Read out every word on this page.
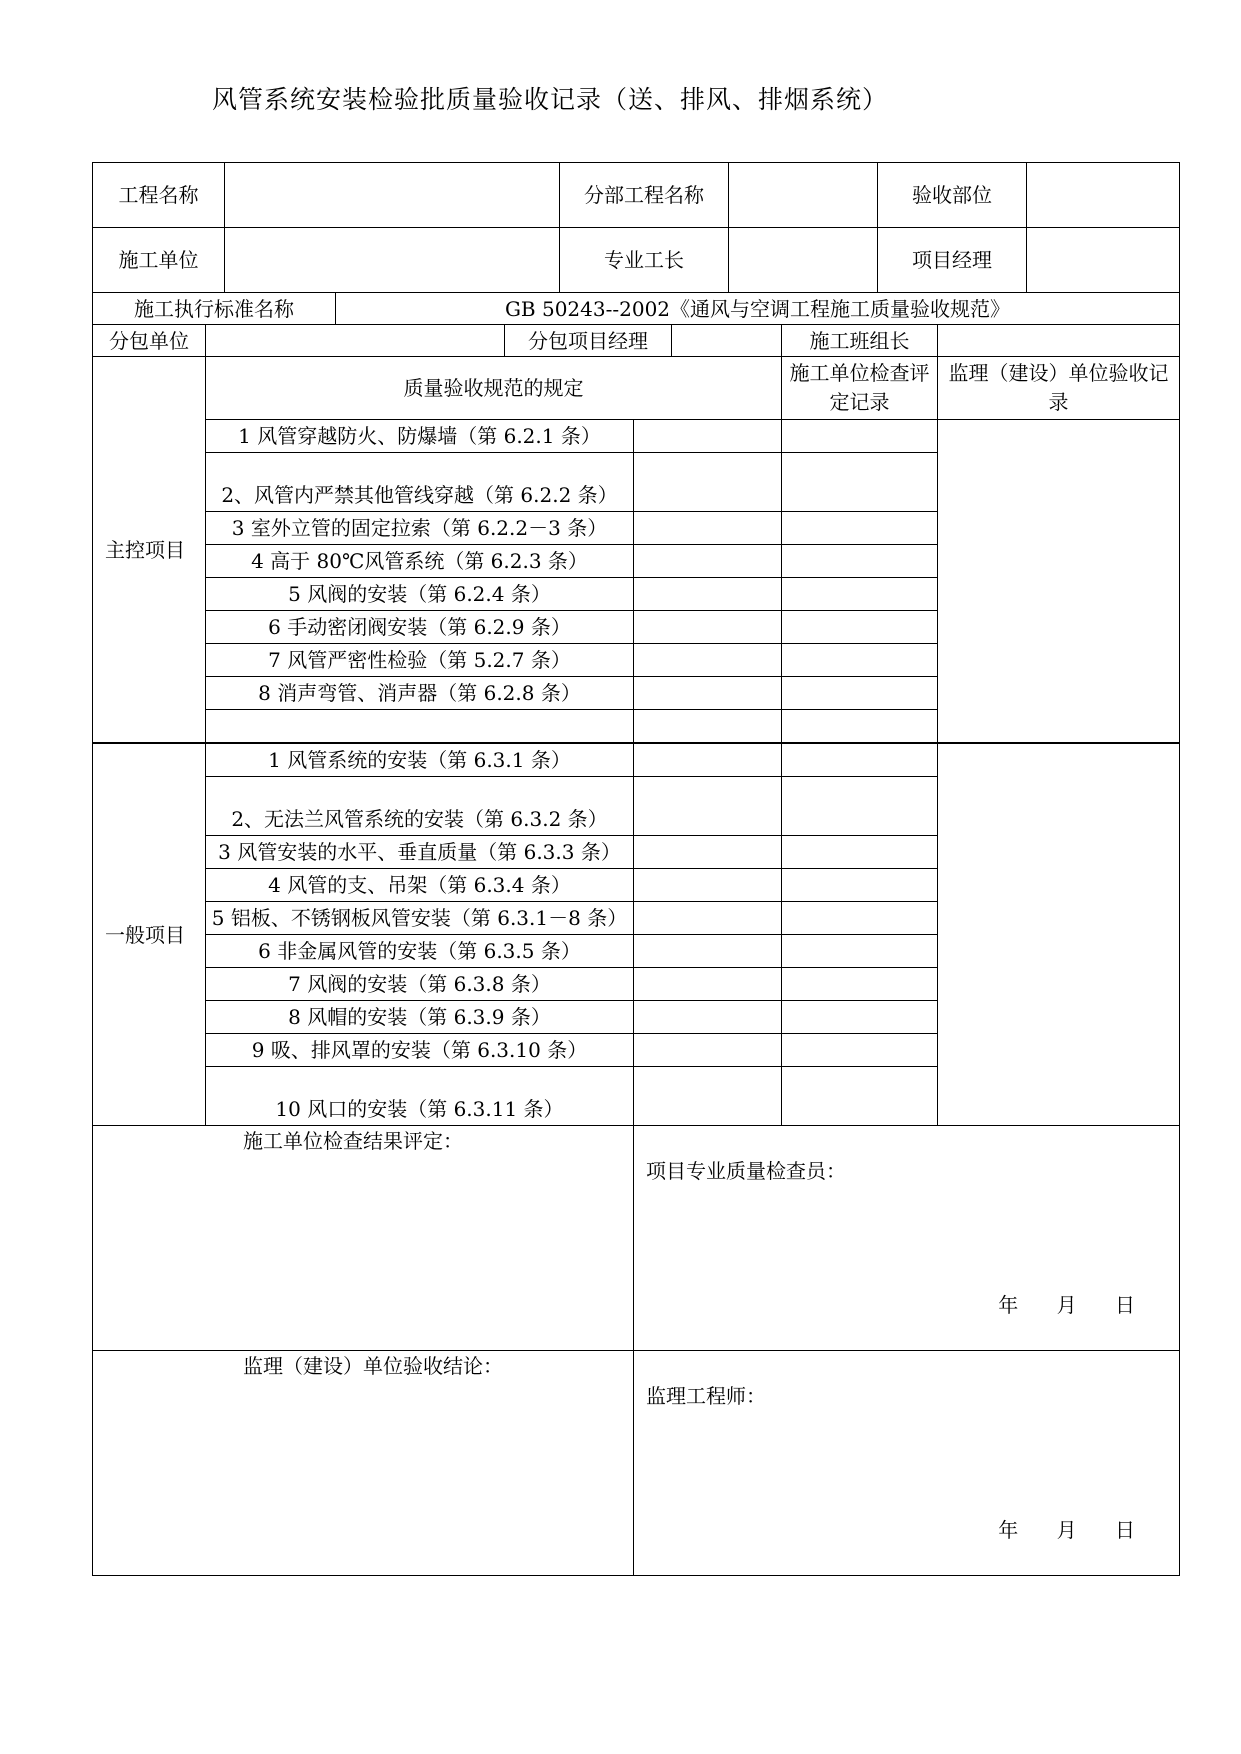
风管系统安装检验批质量验收记录（送、排风、排烟系统）
工程名称		分部工程名称		验收部位	
施工单位		专业工长		项目经理	
施工执行标准名称	GB 50243--2002《通风与空调工程施工质量验收规范》
分包单位		分包项目经理		施工班组长	
主控项目	质量验收规范的规定		施工单位检查评定记录	监理（建设）单位验收记录
	1 风管穿越防火、防爆墙（第 6.2.1 条）			
	2、风管内严禁其他管线穿越（第 6.2.2 条）			
	3 室外立管的固定拉索（第 6.2.2－3 条）			
	4 高于 80℃风管系统（第 6.2.3 条）			
	5 风阀的安装（第 6.2.4 条）			
	6 手动密闭阀安装（第 6.2.9 条）			
	7 风管严密性检验（第 5.2.7 条）			
	8 消声弯管、消声器（第 6.2.8 条）			

一般项目	1 风管系统的安装（第 6.3.1 条）			
	2、无法兰风管系统的安装（第 6.3.2 条）			
	3 风管安装的水平、垂直质量（第 6.3.3 条）			
	4 风管的支、吊架（第 6.3.4 条）			
	5 铝板、不锈钢板风管安装（第 6.3.1－8 条）			
	6 非金属风管的安装（第 6.3.5 条）			
	7 风阀的安装（第 6.3.8 条）			
	8 风帽的安装（第 6.3.9 条）			
	9 吸、排风罩的安装（第 6.3.10 条）			
	10 风口的安装（第 6.3.11 条）			
施工单位检查结果评定：	项目专业质量检查员：
年 月 日

监理（建设）单位验收结论：	监理工程师：
年 月 日
